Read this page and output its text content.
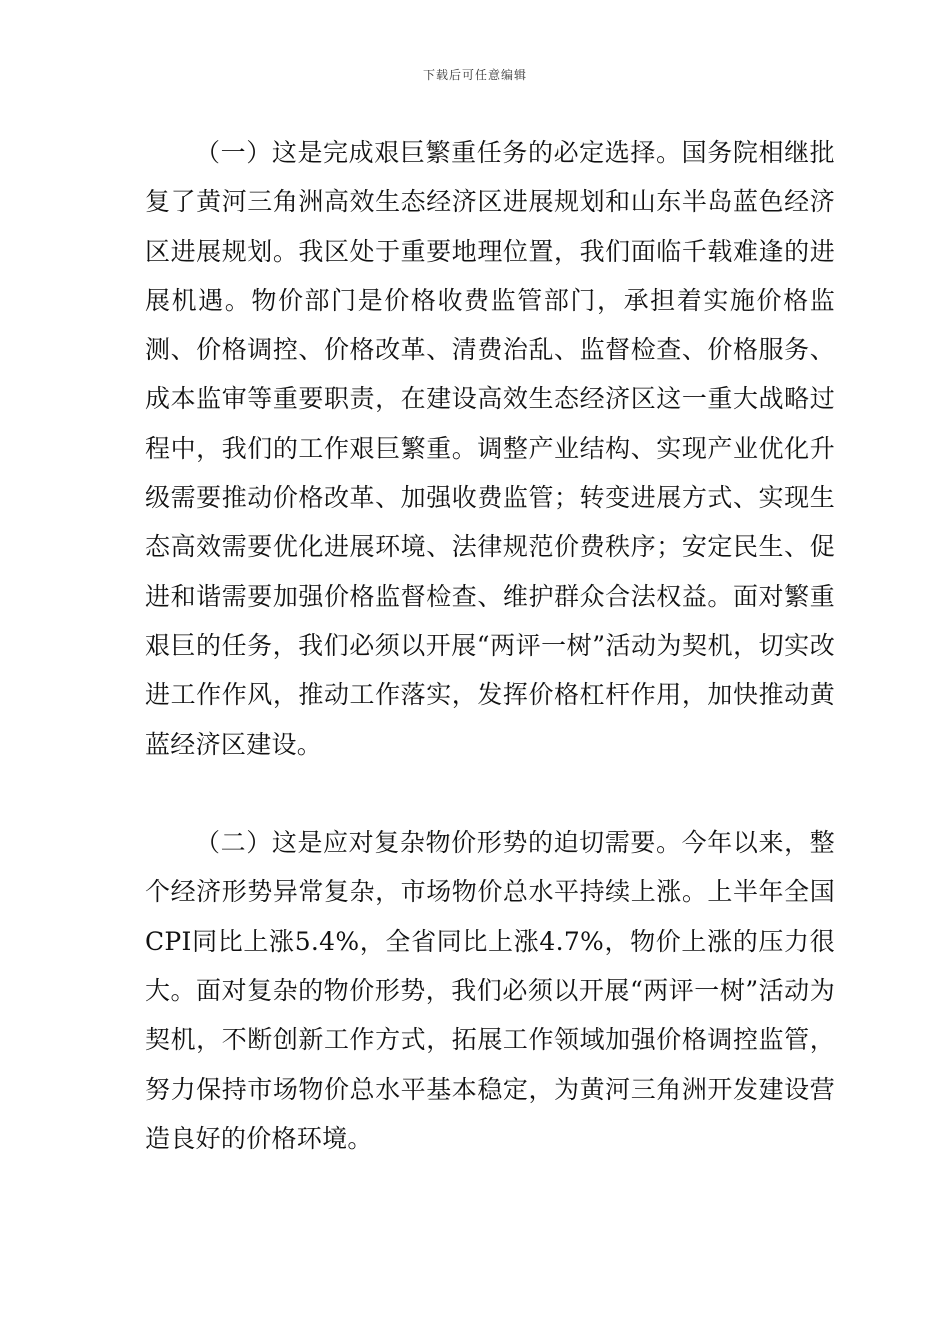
下载后可任意编辑

（一）这是完成艰巨繁重任务的必定选择。国务院相继批复了黄河三角洲高效生态经济区进展规划和山东半岛蓝色经济区进展规划。我区处于重要地理位置，我们面临千载难逢的进展机遇。物价部门是价格收费监管部门，承担着实施价格监测、价格调控、价格改革、清费治乱、监督检查、价格服务、成本监审等重要职责，在建设高效生态经济区这一重大战略过程中，我们的工作艰巨繁重。调整产业结构、实现产业优化升级需要推动价格改革、加强收费监管；转变进展方式、实现生态高效需要优化进展环境、法律规范价费秩序；安定民生、促进和谐需要加强价格监督检查、维护群众合法权益。面对繁重艰巨的任务，我们必须以开展“两评一树”活动为契机，切实改进工作作风，推动工作落实，发挥价格杠杆作用，加快推动黄蓝经济区建设。

（二）这是应对复杂物价形势的迫切需要。今年以来，整个经济形势异常复杂，市场物价总水平持续上涨。上半年全国CPI同比上涨5.4%，全省同比上涨4.7%，物价上涨的压力很大。面对复杂的物价形势，我们必须以开展“两评一树”活动为契机，不断创新工作方式，拓展工作领域加强价格调控监管，努力保持市场物价总水平基本稳定，为黄河三角洲开发建设营造良好的价格环境。
